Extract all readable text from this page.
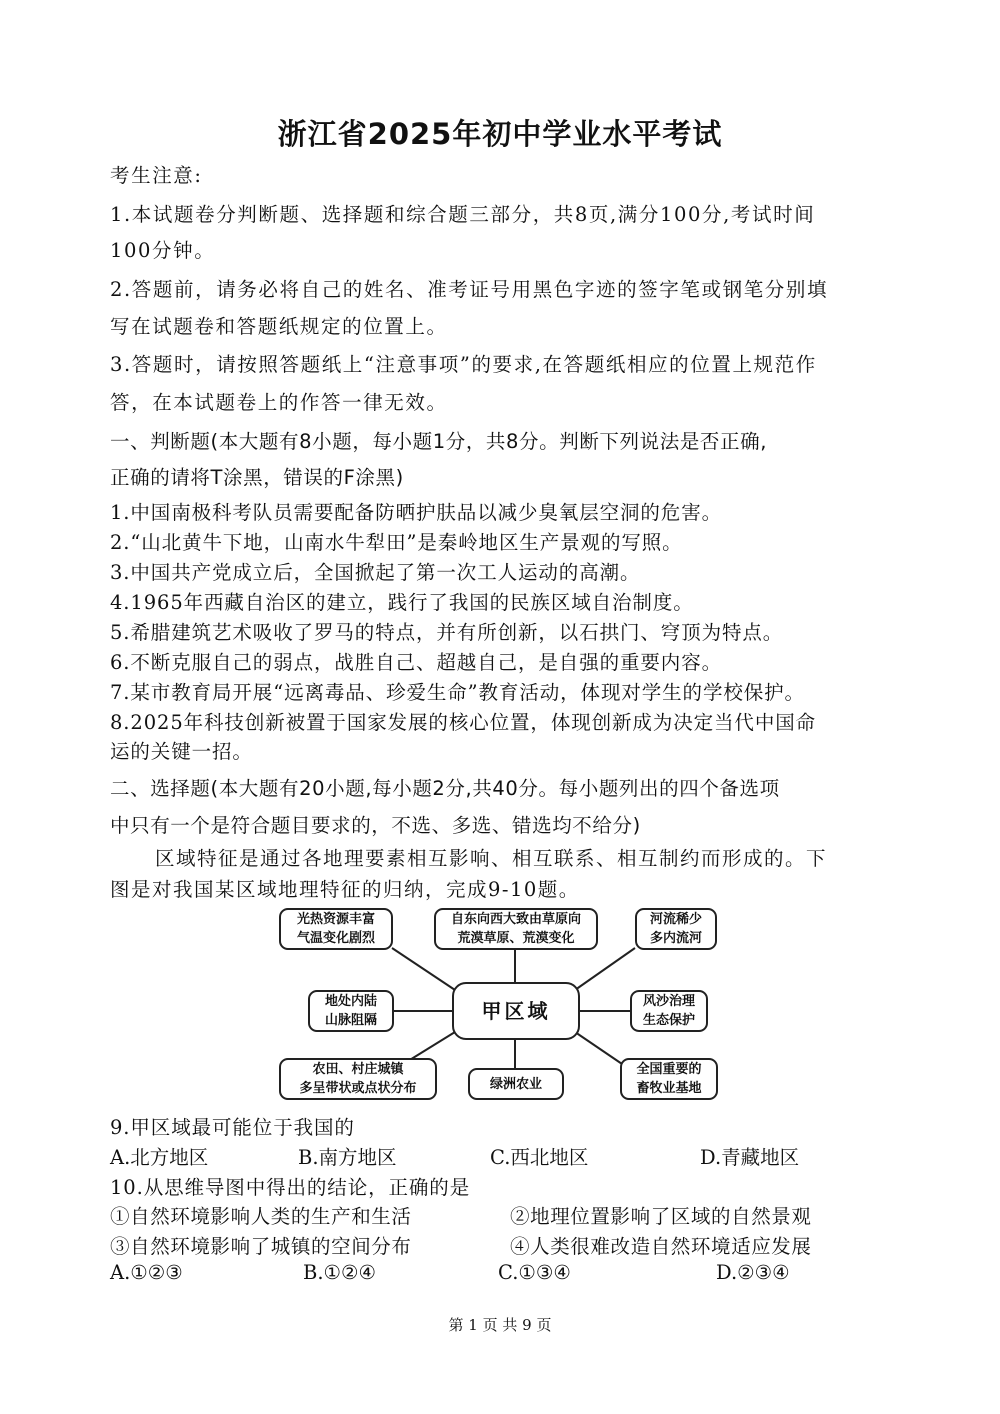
浙江省2025年初中学业水平考试
考生注意:
1.本试题卷分判断题、选择题和综合题三部分，共8页,满分100分,考试时间
100分钟。
2.答题前，请务必将自己的姓名、准考证号用黑色字迹的签字笔或钢笔分别填
写在试题卷和答题纸规定的位置上。
3.答题时，请按照答题纸上“注意事项”的要求,在答题纸相应的位置上规范作
答，在本试题卷上的作答一律无效。
一、判断题(本大题有8小题，每小题1分，共8分。判断下列说法是否正确,
正确的请将T涂黑，错误的F涂黑)
1.中国南极科考队员需要配备防晒护肤品以减少臭氧层空洞的危害。
2.“山北黄牛下地，山南水牛犁田”是秦岭地区生产景观的写照。
3.中国共产党成立后，全国掀起了第一次工人运动的高潮。
4.1965年西藏自治区的建立，践行了我国的民族区域自治制度。
5.希腊建筑艺术吸收了罗马的特点，并有所创新，以石拱门、穹顶为特点。
6.不断克服自己的弱点，战胜自己、超越自己，是自强的重要内容。
7.某市教育局开展“远离毒品、珍爱生命”教育活动，体现对学生的学校保护。
8.2025年科技创新被置于国家发展的核心位置，体现创新成为决定当代中国命
运的关键一招。
二、选择题(本大题有20小题,每小题2分,共40分。每小题列出的四个备选项
中只有一个是符合题目要求的，不选、多选、错选均不给分)
区域特征是通过各地理要素相互影响、相互联系、相互制约而形成的。下
图是对我国某区域地理特征的归纳，完成9-10题。
甲区域
光热资源丰富
气温变化剧烈
自东向西大致由草原向
荒漠草原、荒漠变化
河流稀少
多内流河
地处内陆
山脉阻隔
风沙治理
生态保护
农田、村庄城镇
多呈带状或点状分布	绿洲农业
全国重要的
畜牧业基地
9.甲区域最可能位于我国的
A.北方地区	B.南方地区	C.西北地区	D.青藏地区
10.从思维导图中得出的结论，正确的是
①自然环境影响人类的生产和生活	②地理位置影响了区域的自然景观
③自然环境影响了城镇的空间分布	④人类很难改造自然环境适应发展
A.①②③	B.①②④	C.①③④	D.②③④
第 1 页 共 9 页
